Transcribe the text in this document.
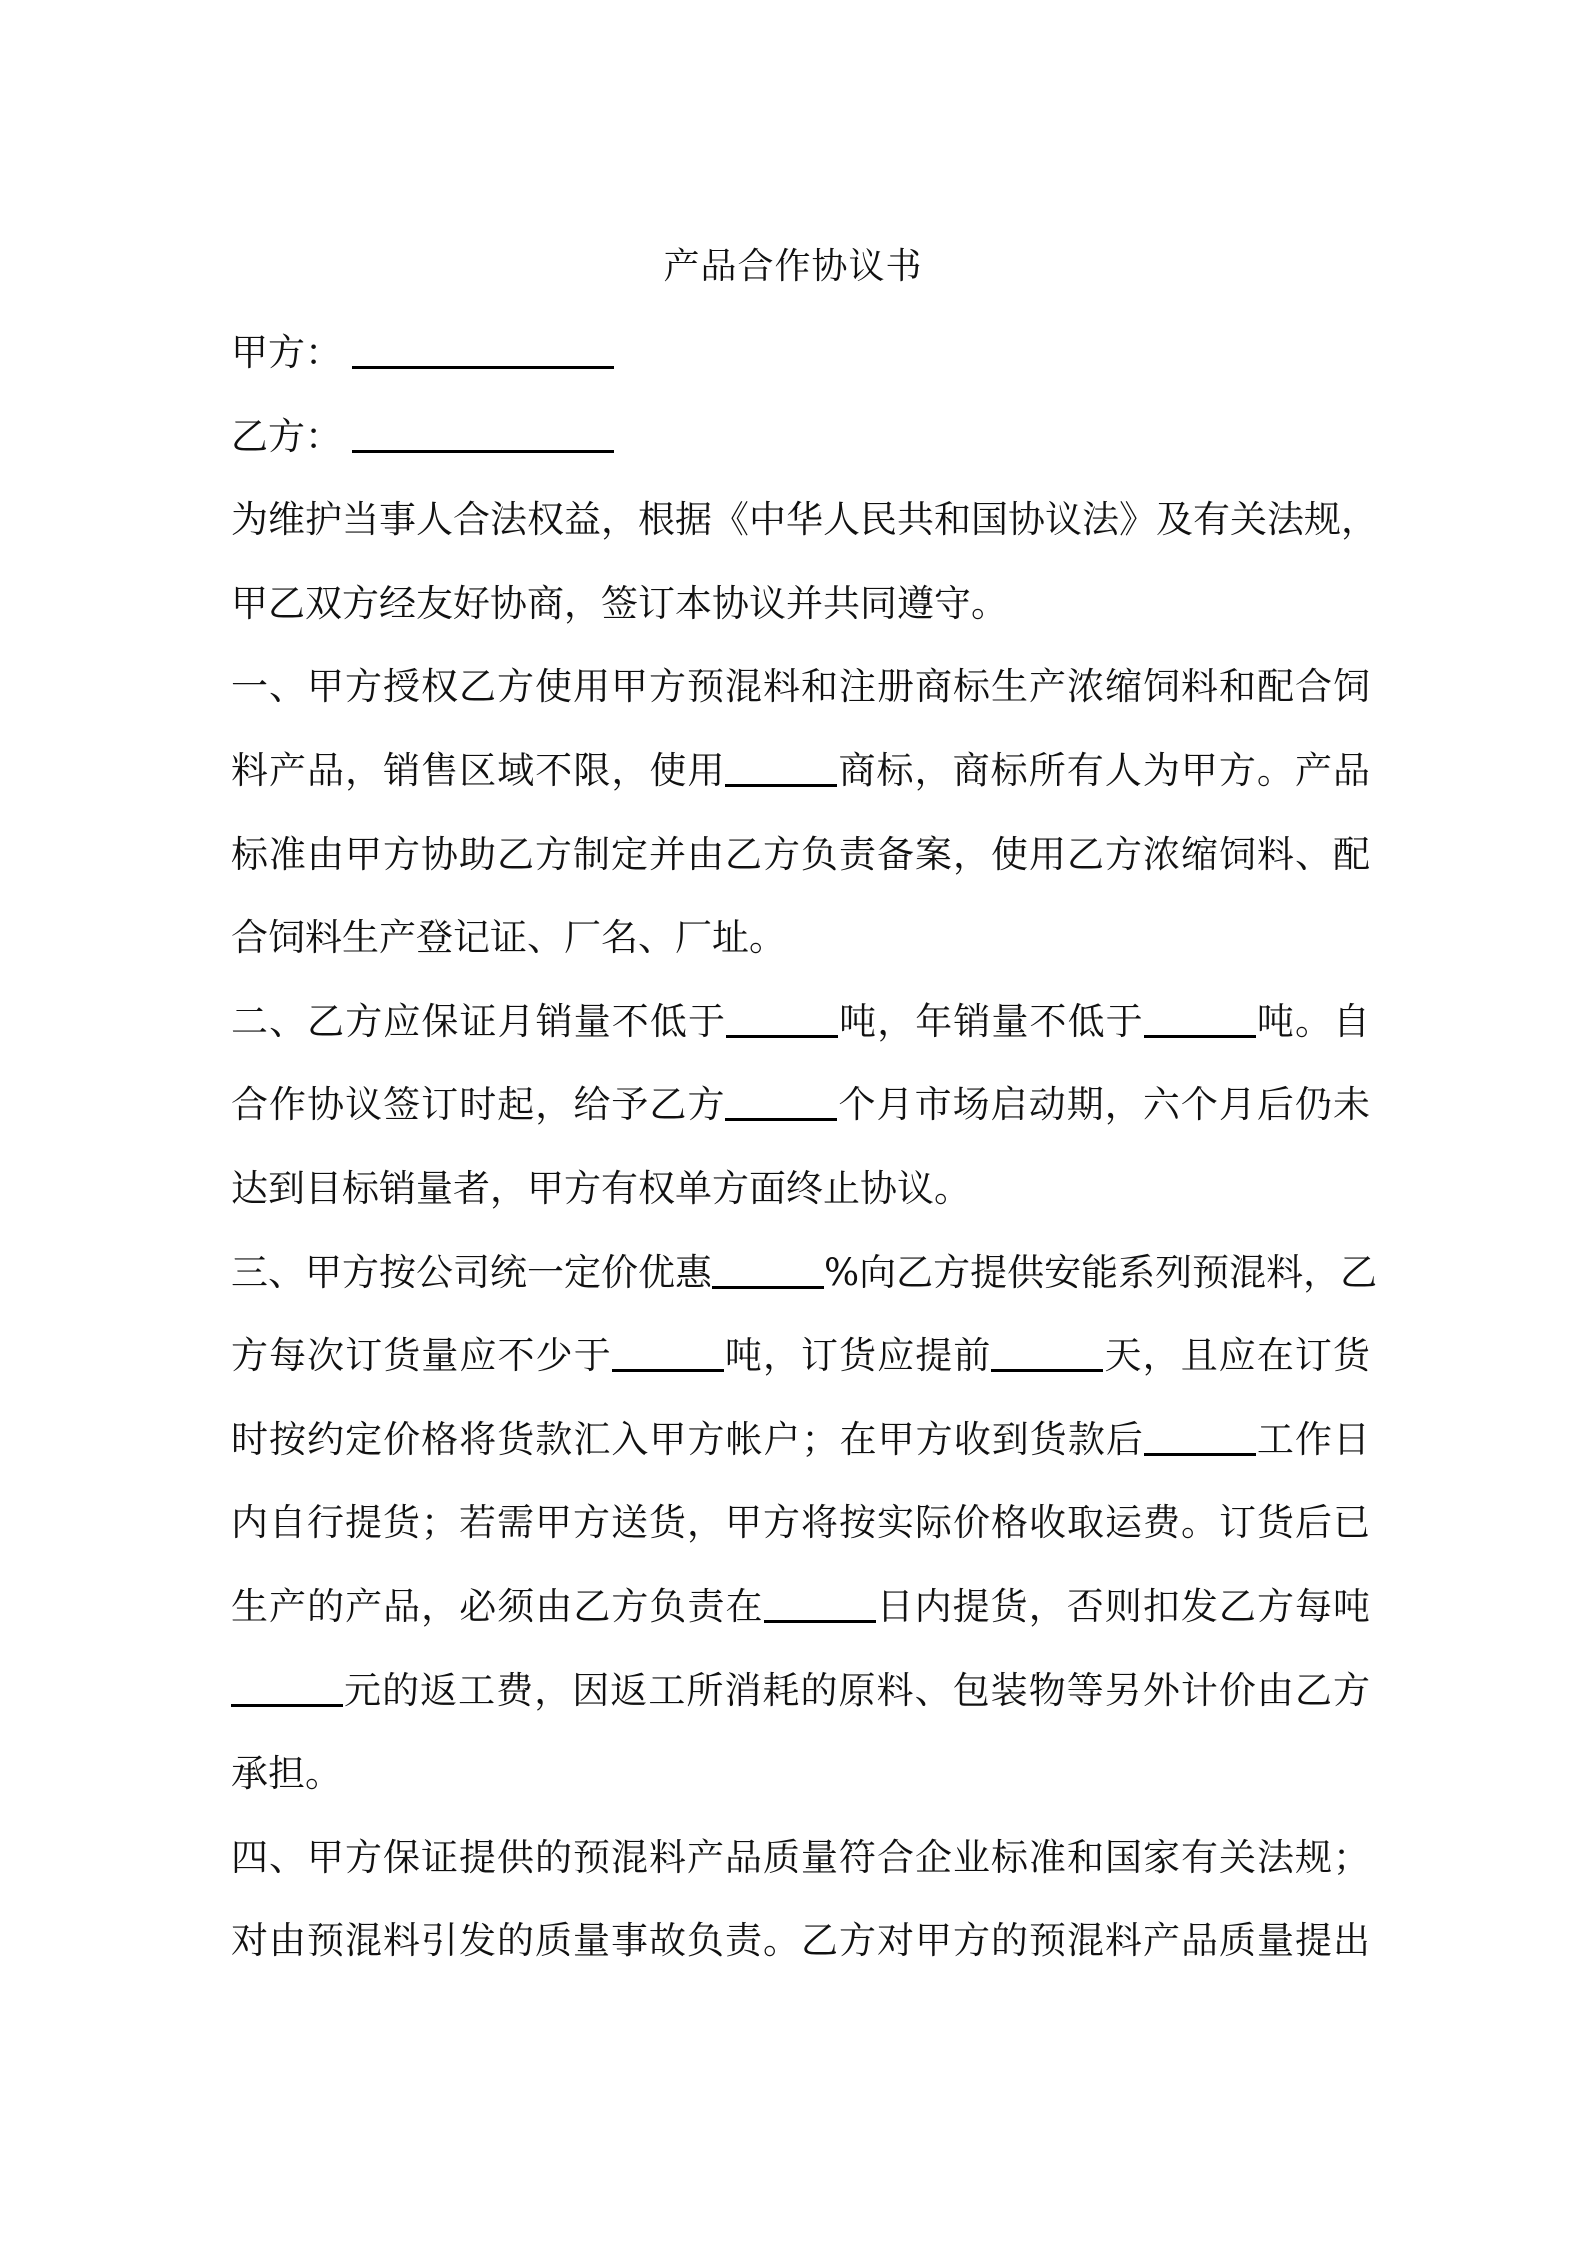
产品合作协议书
甲方：
乙方：
为维护当事人合法权益，根据《中华人民共和国协议法》及有关法规，
甲乙双方经友好协商，签订本协议并共同遵守。
一、甲方授权乙方使用甲方预混料和注册商标生产浓缩饲料和配合饲
料产品，销售区域不限，使用	商标，商标所有人为甲方。产品
标准由甲方协助乙方制定并由乙方负责备案，使用乙方浓缩饲料、配
合饲料生产登记证、厂名、厂址。
二、乙方应保证月销量不低于	吨，年销量不低于	吨。自
合作协议签订时起，给予乙方	个月市场启动期，六个月后仍未
达到目标销量者，甲方有权单方面终止协议。
三、甲方按公司统一定价优惠	%向乙方提供安能系列预混料，乙
方每次订货量应不少于	吨，订货应提前	天，且应在订货
时按约定价格将货款汇入甲方帐户；在甲方收到货款后	工作日
内自行提货；若需甲方送货，甲方将按实际价格收取运费。订货后已
生产的产品，必须由乙方负责在	日内提货，否则扣发乙方每吨
元的返工费，因返工所消耗的原料、包装物等另外计价由乙方
承担。
四、甲方保证提供的预混料产品质量符合企业标准和国家有关法规；
对由预混料引发的质量事故负责。乙方对甲方的预混料产品质量提出
